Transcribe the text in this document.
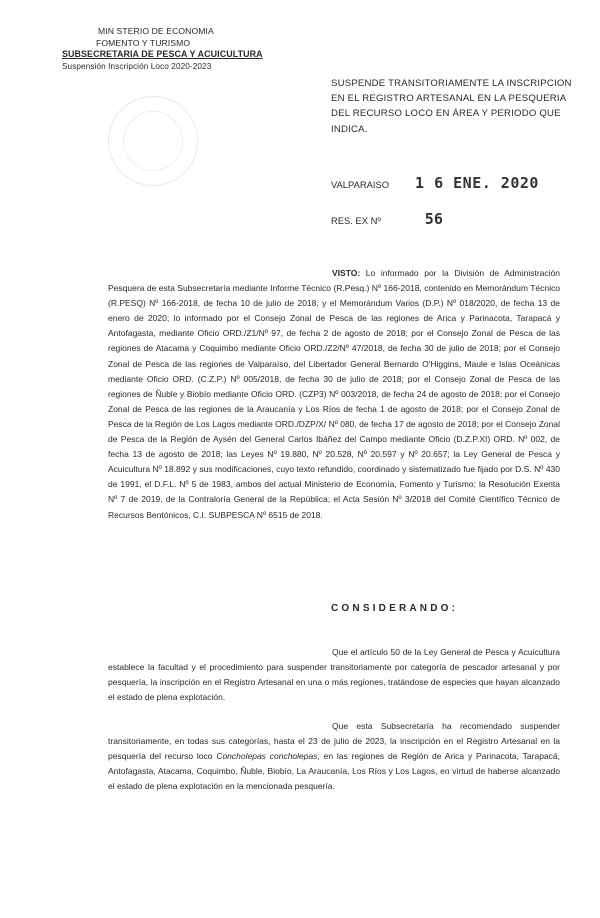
MIN STERIO DE ECONOMIA
FOMENTO Y TURISMO
SUBSECRETARIA DE PESCA Y ACUICULTURA
Suspensión Inscripción Loco 2020-2023
SUSPENDE TRANSITORIAMENTE LA INSCRIPCION EN EL REGISTRO ARTESANAL EN LA PESQUERIA DEL RECURSO LOCO EN ÁREA Y PERIODO QUE INDICA.
VALPARAISO 1 6 ENE. 2020
RES. EX Nº	56
VISTO: Lo informado por la División de Administración Pesquera de esta Subsecretaría mediante Informe Técnico (R.Pesq.) Nº 166-2018, contenido en Memorándum Técnico (R.PESQ) Nº 166-2018, de fecha 10 de julio de 2018, y el Memorándum Varios (D.P.) Nº 018/2020, de fecha 13 de enero de 2020; lo informado por el Consejo Zonal de Pesca de las regiones de Arica y Parinacota, Tarapacá y Antofagasta, mediante Oficio ORD./Z1/Nº 97, de fecha 2 de agosto de 2018; por el Consejo Zonal de Pesca de las regiones de Atacama y Coquimbo mediante Oficio ORD./Z2/Nº 47/2018, de fecha 30 de julio de 2018; por el Consejo Zonal de Pesca de las regiones de Valparaíso, del Libertador General Bernardo O'Higgins, Maule e Islas Oceánicas mediante Oficio ORD. (C.Z.P.) Nº 005/2018, de fecha 30 de julio de 2018; por el Consejo Zonal de Pesca de las regiones de Ñuble y Biobío mediante Oficio ORD. (CZP3) Nº 003/2018, de fecha 24 de agosto de 2018; por el Consejo Zonal de Pesca de las regiones de la Araucanía y Los Ríos de fecha 1 de agosto de 2018; por el Consejo Zonal de Pesca de la Región de Los Lagos mediante ORD./DZP/X/ Nº 080, de fecha 17 de agosto de 2018; por el Consejo Zonal de Pesca de la Región de Aysén del General Carlos Ibáñez del Campo mediante Oficio (D.Z.P.XI) ORD. Nº 002, de fecha 13 de agosto de 2018; las Leyes Nº 19.880, Nº 20.528, Nº 20.597 y Nº 20.657; la Ley General de Pesca y Acuicultura Nº 18.892 y sus modificaciones, cuyo texto refundido, coordinado y sistematizado fue fijado por D.S. Nº 430 de 1991, el D.F.L. Nº 5 de 1983, ambos del actual Ministerio de Economía, Fomento y Turismo; la Resolución Exenta Nº 7 de 2019, de la Contraloría General de la República; el Acta Sesión Nº 3/2018 del Comité Científico Técnico de Recursos Bentónicos, C.I. SUBPESCA Nº 6515 de 2018.
CONSIDERANDO:
Que el artículo 50 de la Ley General de Pesca y Acuicultura establece la facultad y el procedimiento para suspender transitoriamente por categoría de pescador artesanal y por pesquería, la inscripción en el Registro Artesanal en una o más regiones, tratándose de especies que hayan alcanzado el estado de plena explotación.
Que esta Subsecretaría ha recomendado suspender transitoriamente, en todas sus categorías, hasta el 23 de julio de 2023, la inscripción en el Registro Artesanal en la pesquería del recurso loco Concholepas concholepas, en las regiones de Región de Arica y Parinacota, Tarapacá, Antofagasta, Atacama, Coquimbo, Ñuble, Biobío, La Araucanía, Los Ríos y Los Lagos, en virtud de haberse alcanzado el estado de plena explotación en la mencionada pesquería.
